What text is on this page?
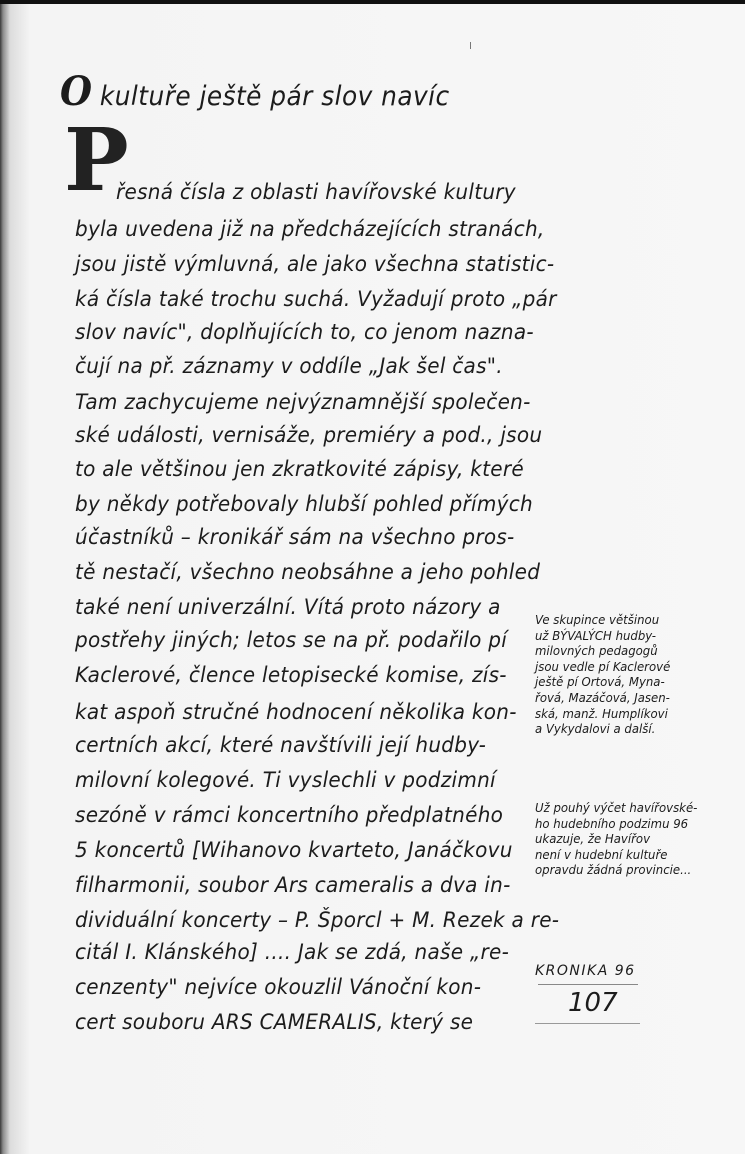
O kultuře ještě pár slov navíc
P
řesná čísla z oblasti havířovské kultury
byla uvedena již na předcházejících stranách,
jsou jistě výmluvná, ale jako všechna statistic-
ká čísla také trochu suchá. Vyžadují proto „pár
slov navíc", doplňujících to, co jenom nazna-
čují na př. záznamy v oddíle „Jak šel čas".
Tam zachycujeme nejvýznamnější společen-
ské události, vernisáže, premiéry a pod., jsou
to ale většinou jen zkratkovité zápisy, které
by někdy potřebovaly hlubší pohled přímých
účastníků – kronikář sám na všechno pros-
tě nestačí, všechno neobsáhne a jeho pohled
také není univerzální. Vítá proto názory a
postřehy jiných; letos se na př. podařilo pí
Kaclerové, člence letopisecké komise, zís-
kat aspoň stručné hodnocení několika kon-
certních akcí, které navštívili její hudby-
milovní kolegové. Ti vyslechli v podzimní
sezóně v rámci koncertního předplatného
5 koncertů [Wihanovo kvarteto, Janáčkovu
filharmonii, soubor Ars cameralis a dva in-
dividuální koncerty – P. Šporcl + M. Rezek a re-
citál I. Klánského] .... Jak se zdá, naše „re-
cenzenty" nejvíce okouzlil Vánoční kon-
cert souboru ARS CAMERALIS, který se
Ve skupince většinou
už BÝVALÝCH hudby-
milovných pedagogů
jsou vedle pí Kaclerové
ještě pí Ortová, Myna-
řová, Mazáčová, Jasen-
ská, manž. Humplíkovi
a Vykydalovi a další.
Už pouhý výčet havířovské-
ho hudebního podzimu 96
ukazuje, že Havířov
není v hudební kultuře
opravdu žádná provincie...
KRONIKA 96
107
